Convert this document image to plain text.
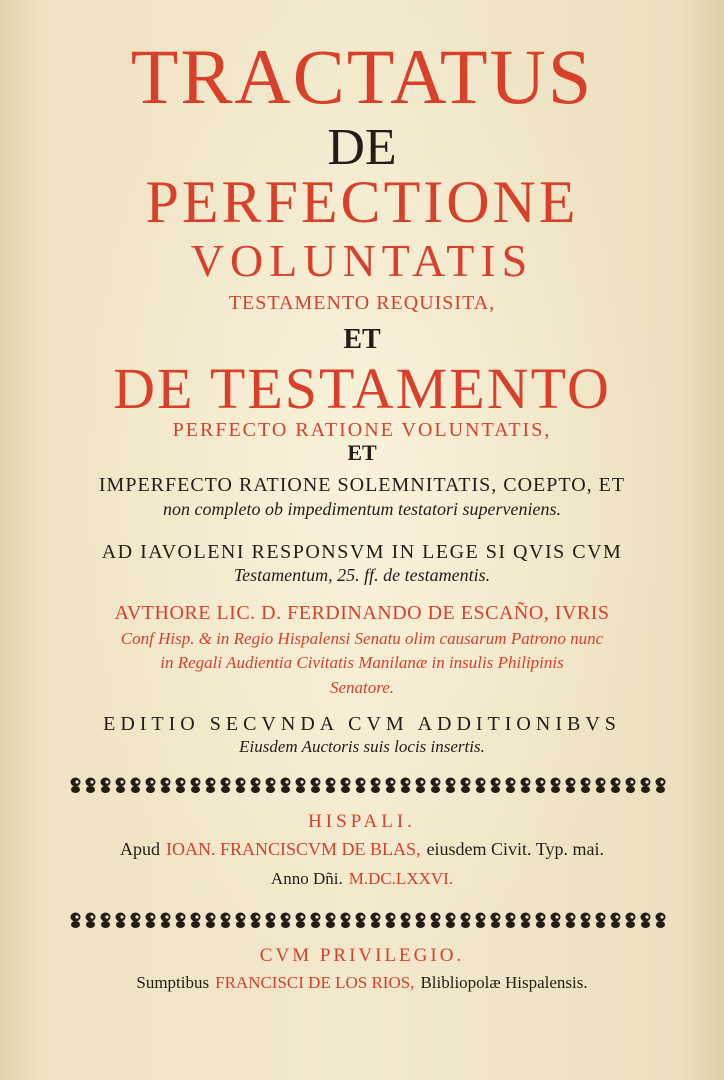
TRACTATUS
DE
PERFECTIONE
VOLUNTATIS
TESTAMENTO REQUISITA,
ET
DE TESTAMENTO
PERFECTO RATIONE VOLUNTATIS,
ET
IMPERFECTO RATIONE SOLEMNITATIS, COEPTO, ET
non completo ob impedimentum testatori superveniens.
AD IAVOLENI RESPONSVM IN LEGE SI QVIS CVM
Testamentum, 25. ff. de testamentis.
AVTHORE LIC. D. FERDINANDO DE ESCAÑO, IVRIS
Conf Hisp. & in Regio Hispalensi Senatu olim causarum Patrono nunc
in Regali Audientia Civitatis Manilanæ in insulis Philipinis
Senatore.
EDITIO SECVNDA CVM ADDITIONIBVS
Eiusdem Auctoris suis locis insertis.
HISPALI.
Apud IOAN. FRANCISCVM DE BLAS, eiusdem Civit. Typ. mai.
Anno Dñi. M.DC.LXXVI.
CVM PRIVILEGIO.
Sumptibus FRANCISCI DE LOS RIOS, Blibliopolæ Hispalensis.
